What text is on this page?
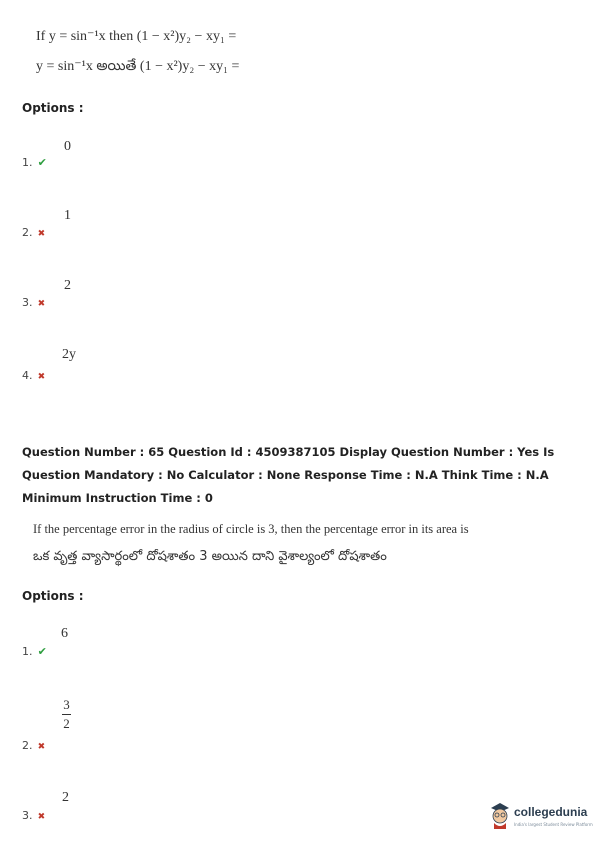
If y = sin⁻¹x then (1 − x²)y₂ − xy₁ =
y = sin⁻¹x అయితే (1 − x²)y₂ − xy₁ =
Options :
1. ✔
0
2. ✖
1
3. ✖
2
4. ✖
2y
Question Number : 65 Question Id : 4509387105 Display Question Number : Yes Is Question Mandatory : No Calculator : None Response Time : N.A Think Time : N.A Minimum Instruction Time : 0
If the percentage error in the radius of circle is 3, then the percentage error in its area is
ఒక వృత్త వ్యాసార్థంలో దోషశాతం 3 అయిన దాని వైశాల్యంలో దోషశాతం
Options :
1. ✔
6
2. ✖
3
2
3. ✖
2
collegedunia
India's largest Student Review Platform
